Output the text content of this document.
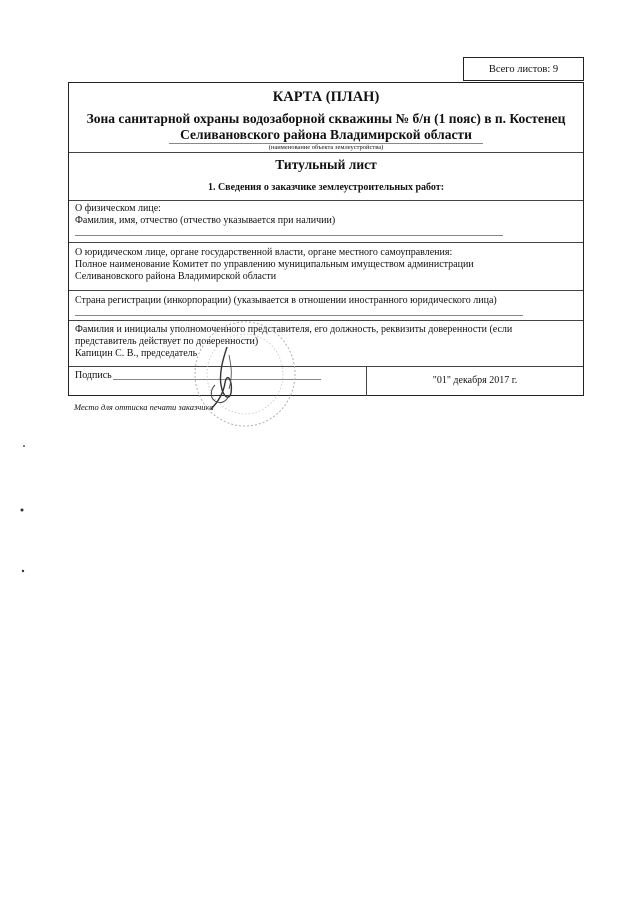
Всего листов: 9
КАРТА (ПЛАН)
Зона санитарной охраны водозаборной скважины № б/н (1 пояс) в п. Костенец
Селивановского района Владимирской области
(наименование объекта землеустройства)
Титульный лист
1. Сведения о заказчике землеустроительных работ:
О физическом лице:
Фамилия, имя, отчество (отчество указывается при наличии)
О юридическом лице, органе государственной власти, органе местного самоуправления:
Полное наименование Комитет по управлению муниципальным имуществом администрации
Селивановского района Владимирской области
Страна регистрации (инкорпорации) (указывается в отношении иностранного юридического лица)
Фамилия и инициалы уполномоченного представителя, его должность, реквизиты доверенности (если
представитель действует по доверенности)
Капицин С. В., председатель
Подпись	"01" декабря 2017 г.
Место для оттиска печати заказчика
